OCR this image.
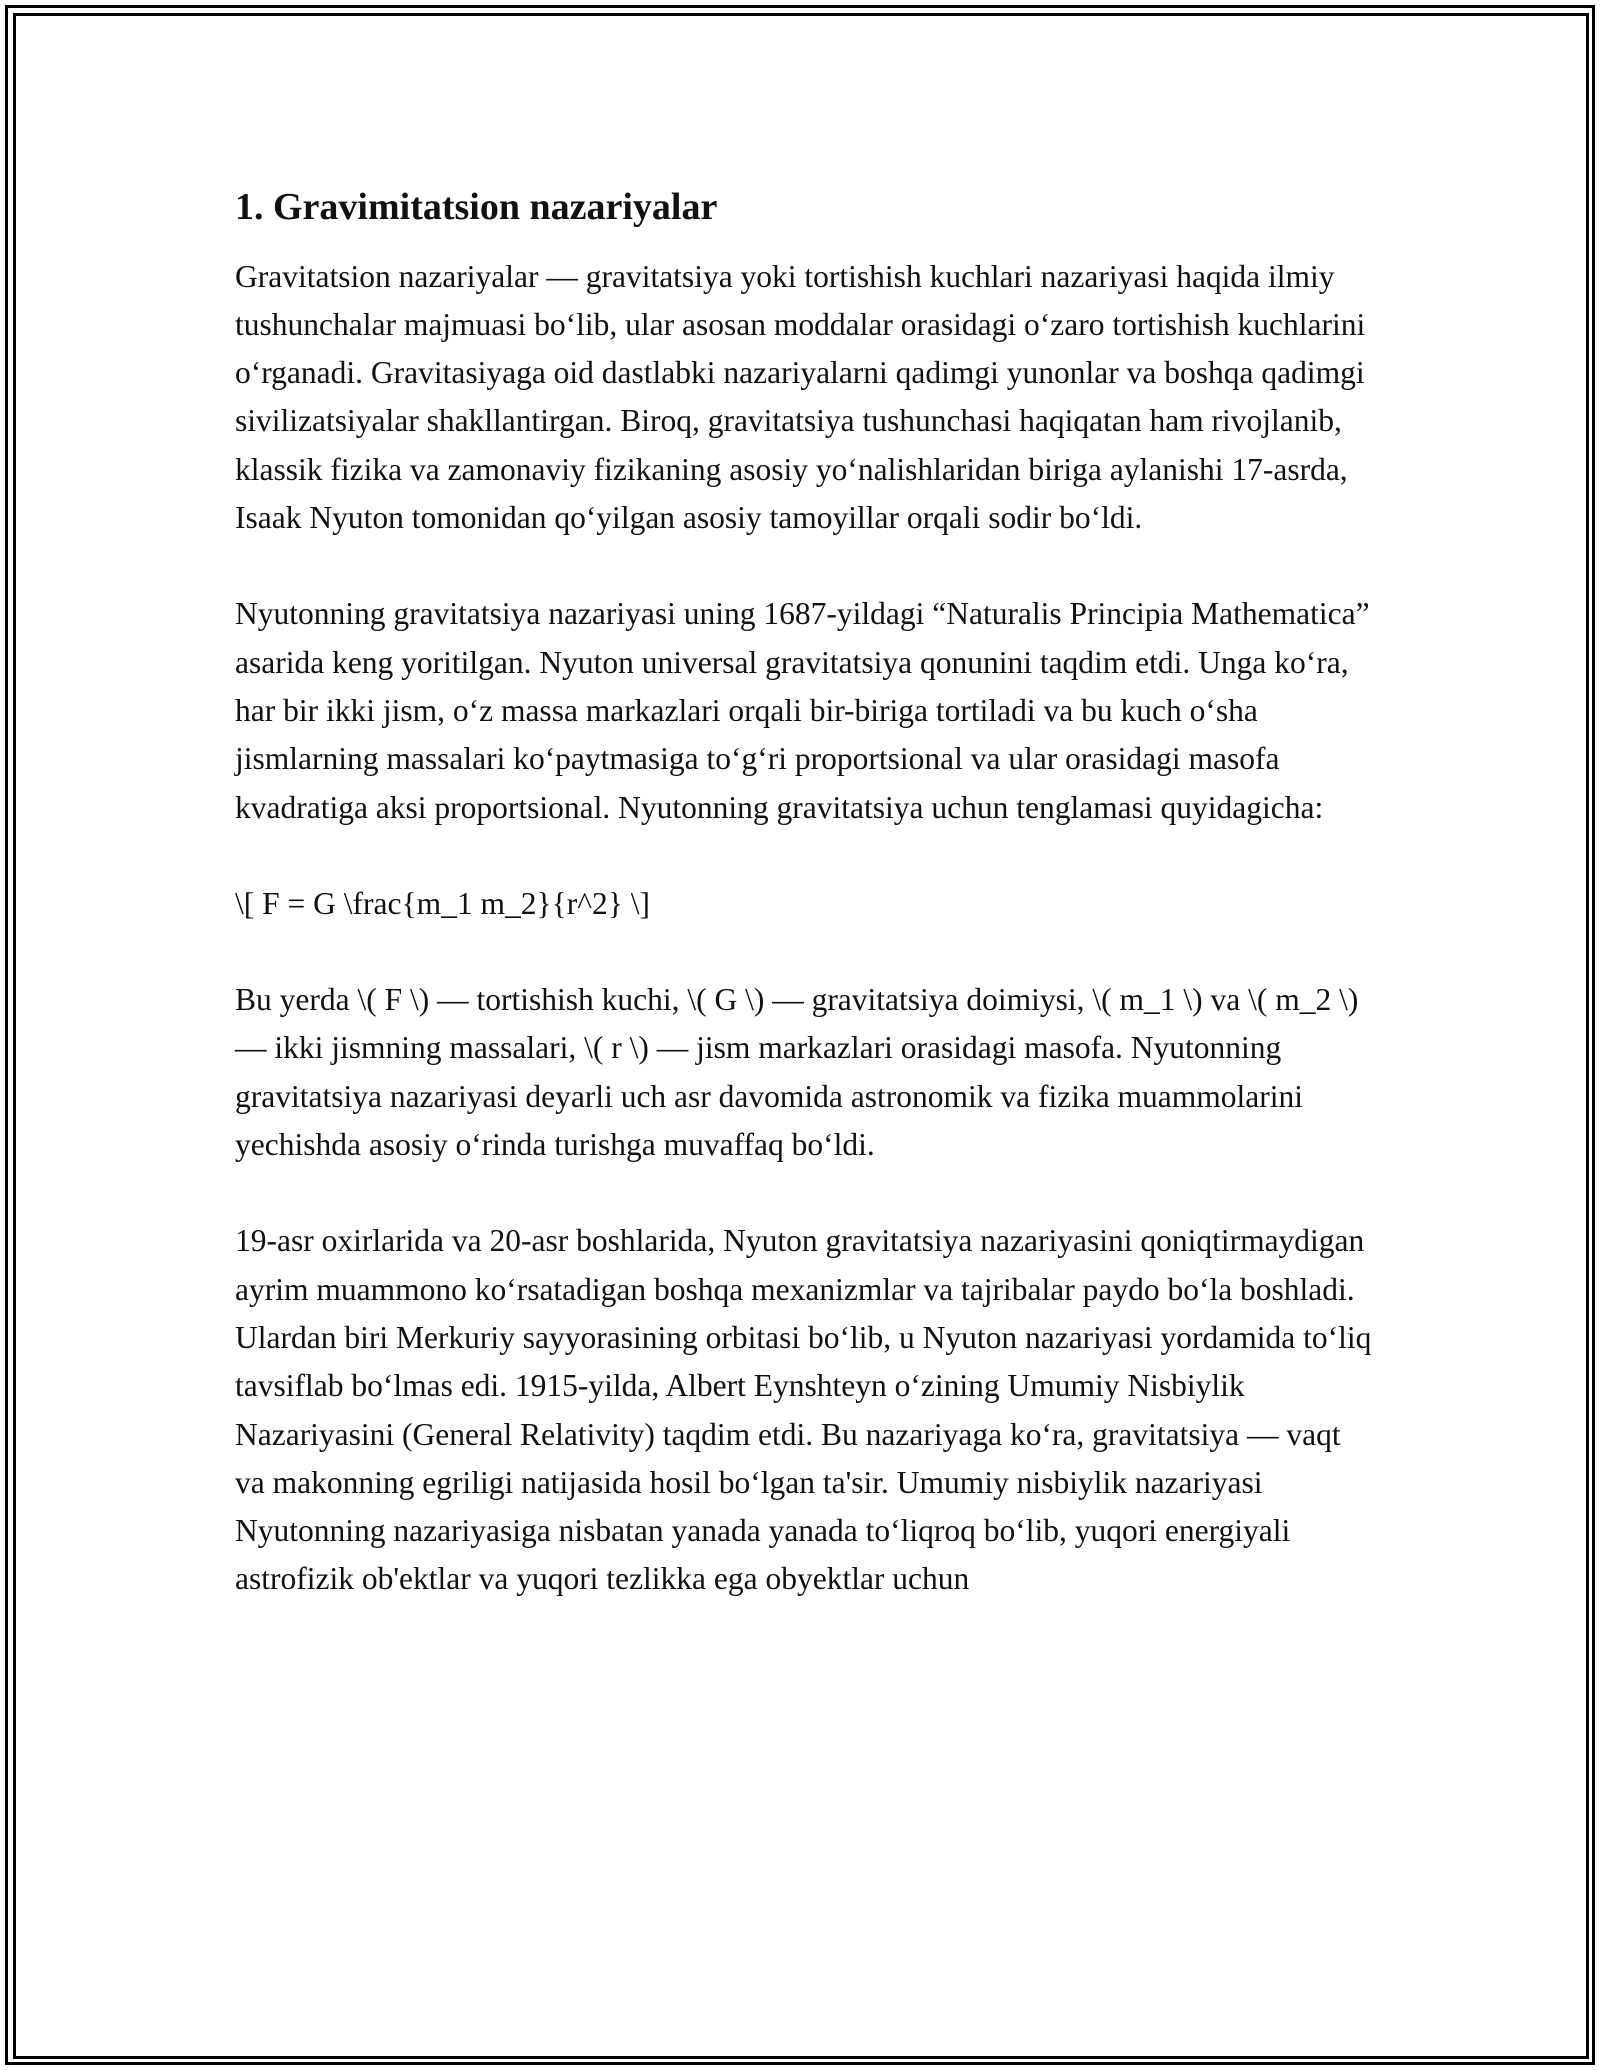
1. Gravimitatsion nazariyalar

Gravitatsion nazariyalar — gravitatsiya yoki tortishish kuchlari nazariyasi haqida ilmiy tushunchalar majmuasi boʻlib, ular asosan moddalar orasidagi oʻzaro tortishish kuchlarini oʻrganadi. Gravitasiyaga oid dastlabki nazariyalarni qadimgi yunonlar va boshqa qadimgi sivilizatsiyalar shakllantirgan. Biroq, gravitatsiya tushunchasi haqiqatan ham rivojlanib, klassik fizika va zamonaviy fizikaning asosiy yoʻnalishlaridan biriga aylanishi 17-asrda, Isaak Nyuton tomonidan qoʻyilgan asosiy tamoyillar orqali sodir boʻldi.

Nyutonning gravitatsiya nazariyasi uning 1687-yildagi “Naturalis Principia Mathematica” asarida keng yoritilgan. Nyuton universal gravitatsiya qonunini taqdim etdi. Unga koʻra, har bir ikki jism, oʻz massa markazlari orqali bir-biriga tortiladi va bu kuch oʻsha jismlarning massalari koʻpaytmasiga toʻgʻri proportsional va ular orasidagi masofa kvadratiga aksi proportsional. Nyutonning gravitatsiya uchun tenglamasi quyidagicha:

\[ F = G \frac{m_1 m_2}{r^2} \]

Bu yerda \( F \) — tortishish kuchi, \( G \) — gravitatsiya doimiysi, \( m_1 \) va \( m_2 \) — ikki jismning massalari, \( r \) — jism markazlari orasidagi masofa. Nyutonning gravitatsiya nazariyasi deyarli uch asr davomida astronomik va fizika muammolarini yechishda asosiy oʻrinda turishga muvaffaq boʻldi.

19-asr oxirlarida va 20-asr boshlarida, Nyuton gravitatsiya nazariyasini qoniqtirmaydigan ayrim muammono koʻrsatadigan boshqa mexanizmlar va tajribalar paydo boʻla boshladi. Ulardan biri Merkuriy sayyorasining orbitasi boʻlib, u Nyuton nazariyasi yordamida toʻliq tavsiflab boʻlmas edi. 1915-yilda, Albert Eynshteyn oʻzining Umumiy Nisbiylik Nazariyasini (General Relativity) taqdim etdi. Bu nazariyaga koʻra, gravitatsiya — vaqt va makonning egriligi natijasida hosil boʻlgan ta'sir. Umumiy nisbiylik nazariyasi Nyutonning nazariyasiga nisbatan yanada yanada toʻliqroq boʻlib, yuqori energiyali astrofizik ob'ektlar va yuqori tezlikka ega obyektlar uchun
